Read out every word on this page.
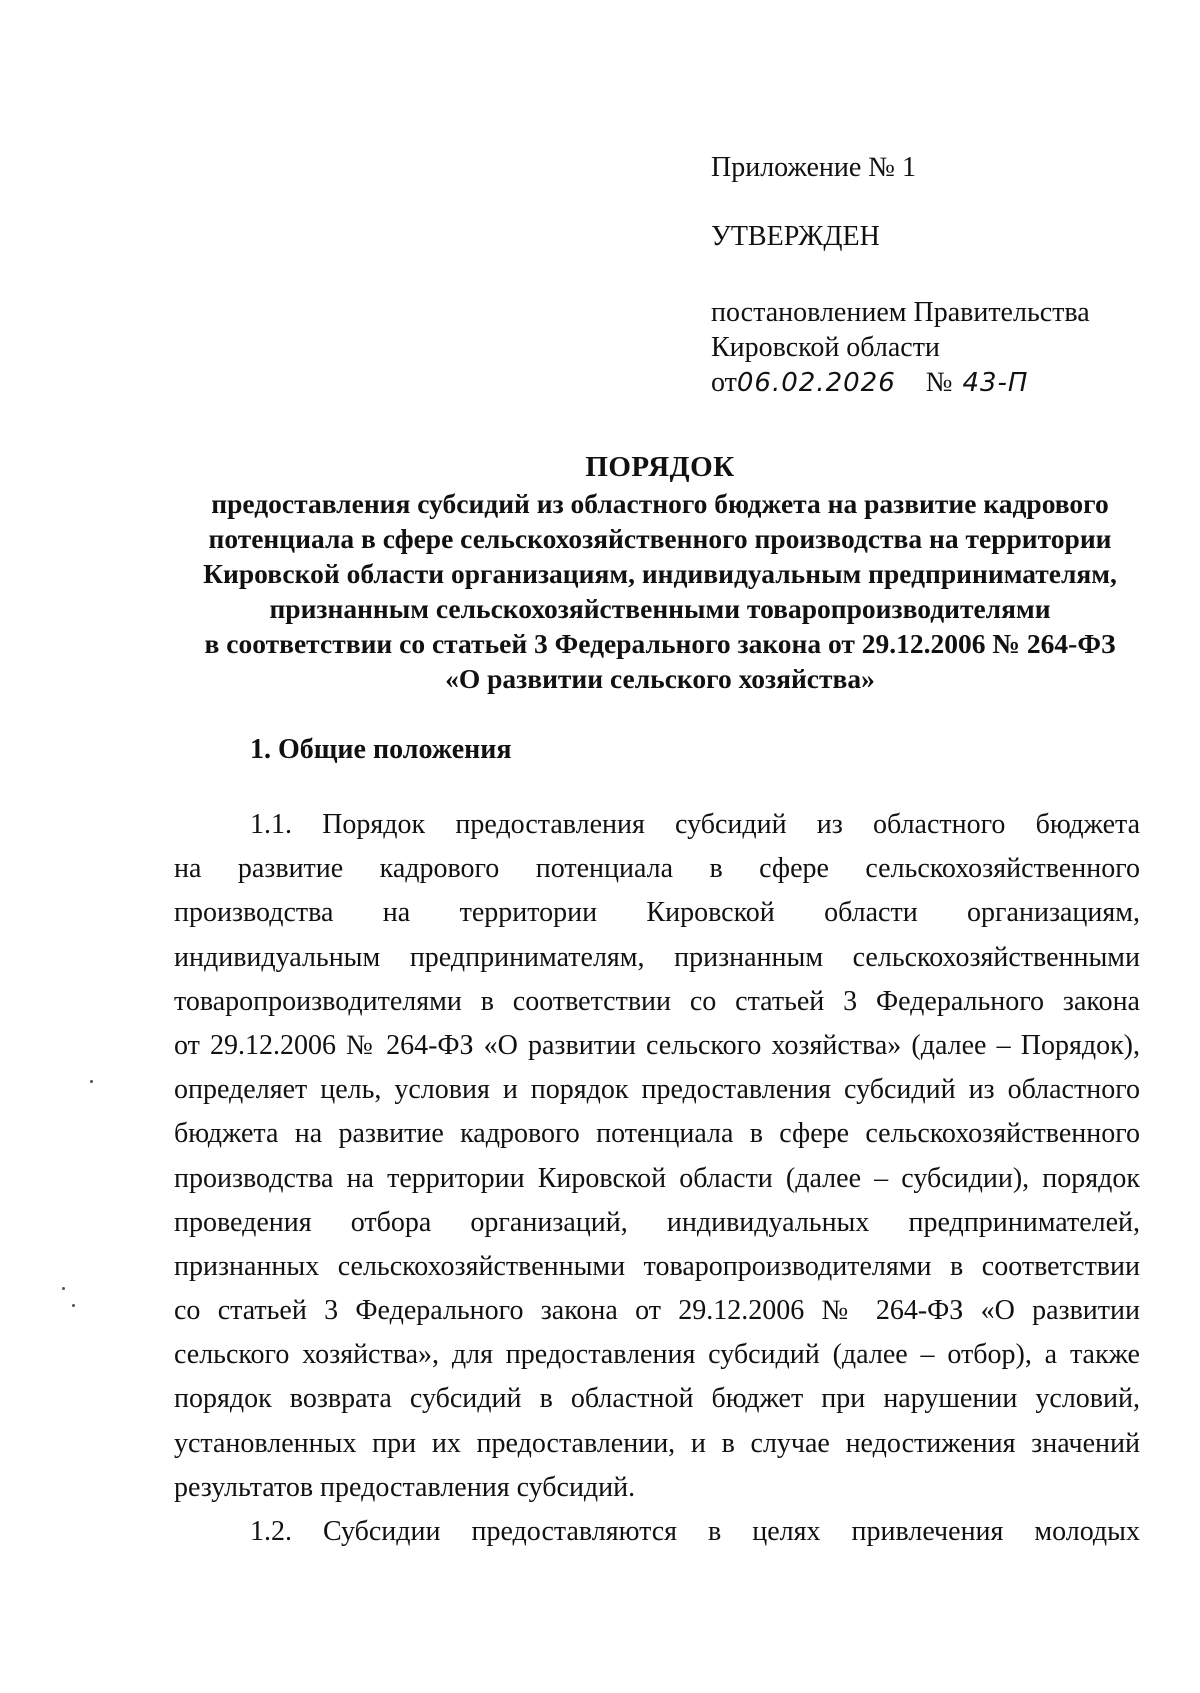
Приложение № 1
УТВЕРЖДЕН
постановлением Правительства
Кировской области
от06.02.2026 № 43-П
ПОРЯДОК
предоставления субсидий из областного бюджета на развитие кадрового
потенциала в сфере сельскохозяйственного производства на территории
Кировской области организациям, индивидуальным предпринимателям,
признанным сельскохозяйственными товаропроизводителями
в соответствии со статьей 3 Федерального закона от 29.12.2006 № 264-ФЗ
«О развитии сельского хозяйства»
1. Общие положения
1.1. Порядок предоставления субсидий из областного бюджета
на развитие кадрового потенциала в сфере сельскохозяйственного
производства на территории Кировской области организациям,
индивидуальным предпринимателям, признанным сельскохозяйственными
товаропроизводителями в соответствии со статьей 3 Федерального закона
от 29.12.2006 № 264-ФЗ «О развитии сельского хозяйства» (далее – Порядок),
определяет цель, условия и порядок предоставления субсидий из областного
бюджета на развитие кадрового потенциала в сфере сельскохозяйственного
производства на территории Кировской области (далее – субсидии), порядок
проведения отбора организаций, индивидуальных предпринимателей,
признанных сельскохозяйственными товаропроизводителями в соответствии
со статьей 3 Федерального закона от 29.12.2006 № 264-ФЗ «О развитии
сельского хозяйства», для предоставления субсидий (далее – отбор), а также
порядок возврата субсидий в областной бюджет при нарушении условий,
установленных при их предоставлении, и в случае недостижения значений
результатов предоставления субсидий.
1.2. Субсидии предоставляются в целях привлечения молодых
